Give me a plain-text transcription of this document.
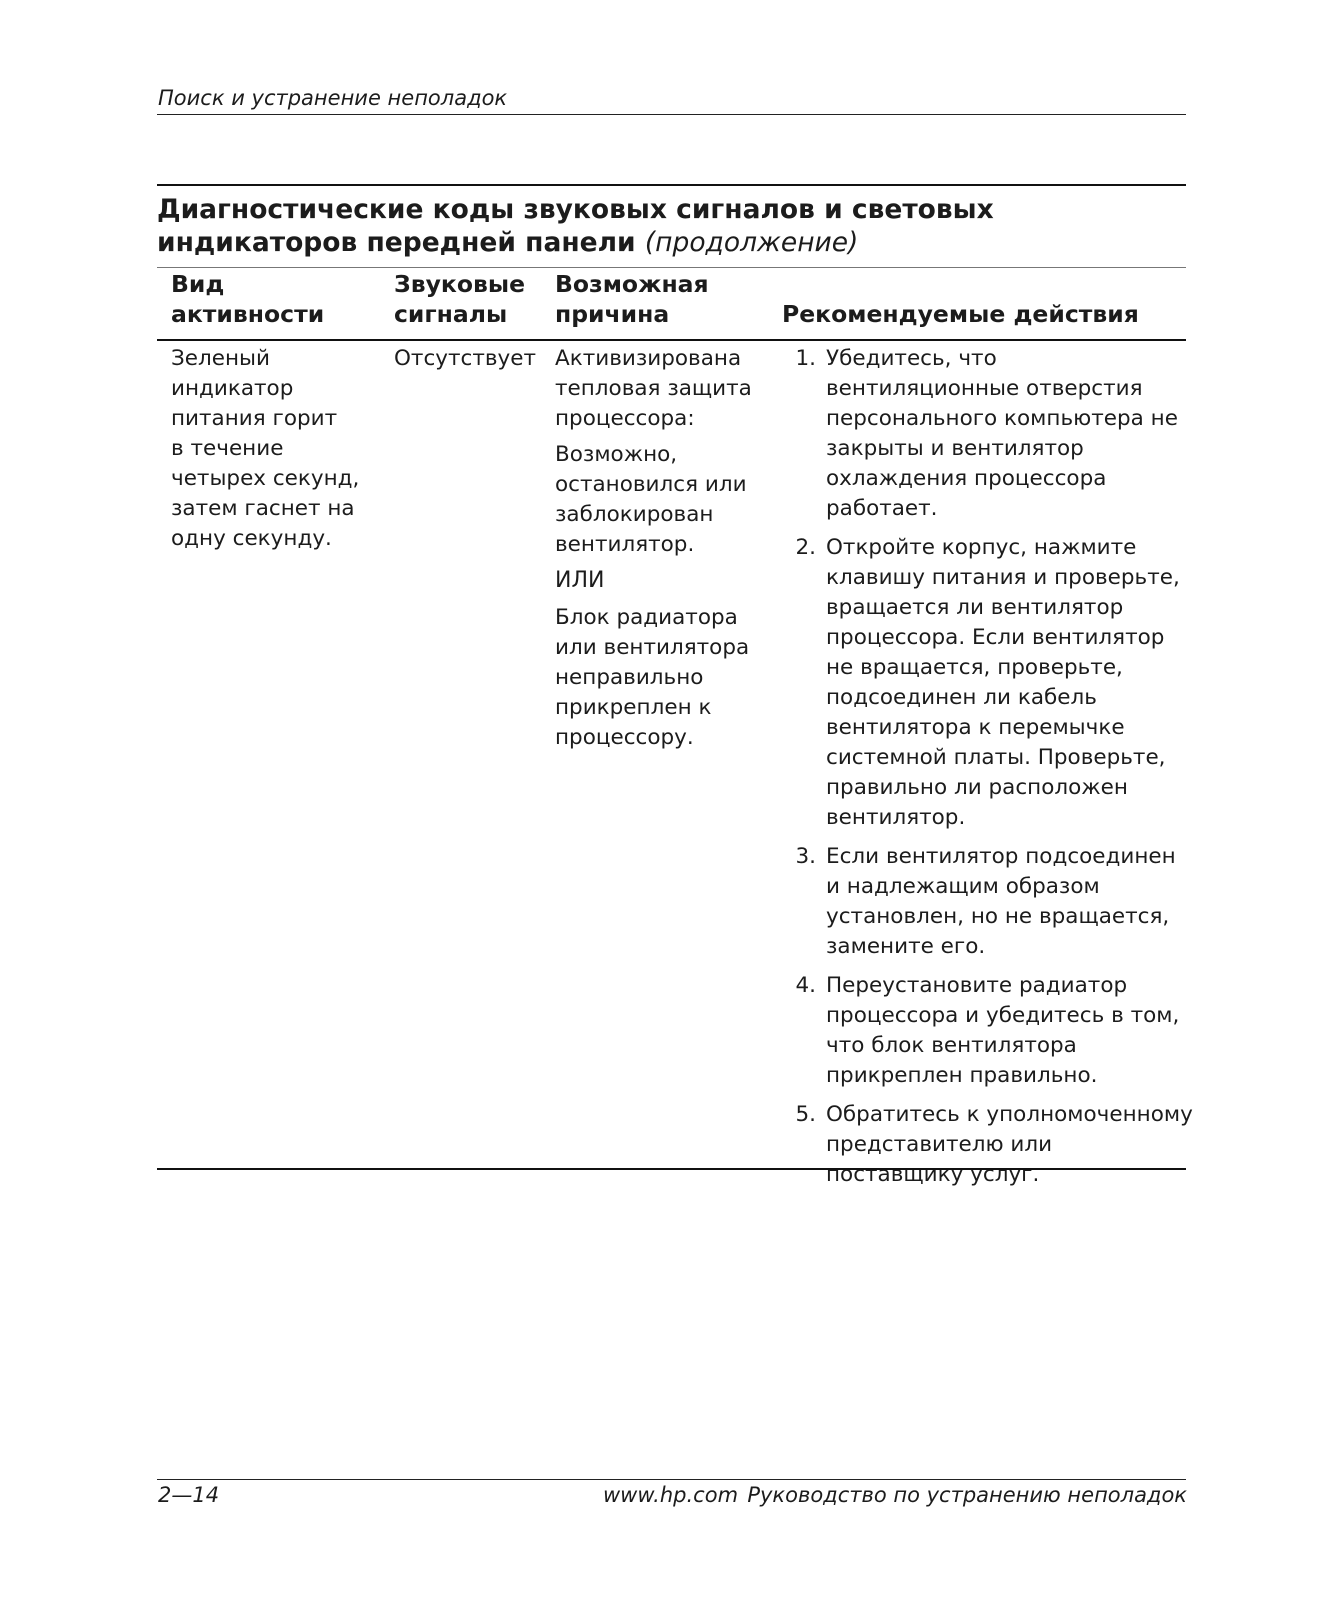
Поиск и устранение неполадок
Диагностические коды звуковых сигналов и световых индикаторов передней панели (продолжение)
Вид
активности
Звуковые
сигналы
Возможная
причина
	Рекомендуемые действия
Зеленый
индикатор
питания горит
в течение
четырех секунд,
затем гаснет на
одну секунду.
Отсутствует Активизирована тепловая защита процессора:

Возможно, остановился или заблокирован вентилятор.

ИЛИ

Блок радиатора или вентилятора неправильно прикреплен к процессору.

1. Убедитесь, что вентиляционные отверстия персонального компьютера не закрыты и вентилятор охлаждения процессора работает.
2. Откройте корпус, нажмите клавишу питания и проверьте, вращается ли вентилятор процессора. Если вентилятор не вращается, проверьте, подсоединен ли кабель вентилятора к перемычке системной платы. Проверьте, правильно ли расположен вентилятор.
3. Если вентилятор подсоединен и надлежащим образом установлен, но не вращается, замените его.
4. Переустановите радиатор процессора и убедитесь в том, что блок вентилятора прикреплен правильно.
5. Обратитесь к уполномоченному представителю или поставщику услуг.
2—14	www.hp.com Руководство по устранению неполадок
